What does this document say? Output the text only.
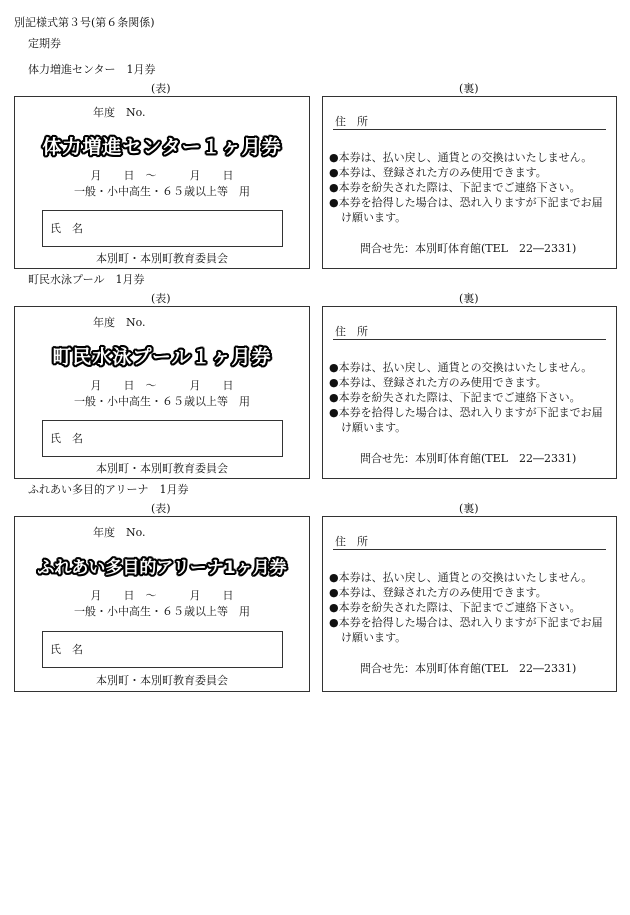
別記様式第３号(第６条関係)
定期券
体力増進センター　1月券
(表)	(裏)
年度　No.
体力増進センター１ヶ月券
月　　日　～　　　月　　日
一般・小中高生・６５歳以上等　用
氏　名
本別町・本別町教育委員会
住　所
● 本券は、払い戻し、通貨との交換はいたしません。
● 本券は、登録された方のみ使用できます。
● 本券を紛失された際は、下記までご連絡下さい。
● 本券を拾得した場合は、恐れ入りますが下記までお届け願います。
問合せ先：本別町体育館(TEL　22―2331)
町民水泳プール　1月券
(表)	(裏)
年度　No.
町民水泳プール１ヶ月券
月　　日　～　　　月　　日
一般・小中高生・６５歳以上等　用
氏　名
本別町・本別町教育委員会
住　所
● 本券は、払い戻し、通貨との交換はいたしません。
● 本券は、登録された方のみ使用できます。
● 本券を紛失された際は、下記までご連絡下さい。
● 本券を拾得した場合は、恐れ入りますが下記までお届け願います。
問合せ先：本別町体育館(TEL　22―2331)
ふれあい多目的アリーナ　1月券
(表)	(裏)
年度　No.
ふれあい多目的アリーナ1ヶ月券
月　　日　～　　　月　　日
一般・小中高生・６５歳以上等　用
氏　名
本別町・本別町教育委員会
住　所
● 本券は、払い戻し、通貨との交換はいたしません。
● 本券は、登録された方のみ使用できます。
● 本券を紛失された際は、下記までご連絡下さい。
● 本券を拾得した場合は、恐れ入りますが下記までお届け願います。
問合せ先：本別町体育館(TEL　22―2331)
